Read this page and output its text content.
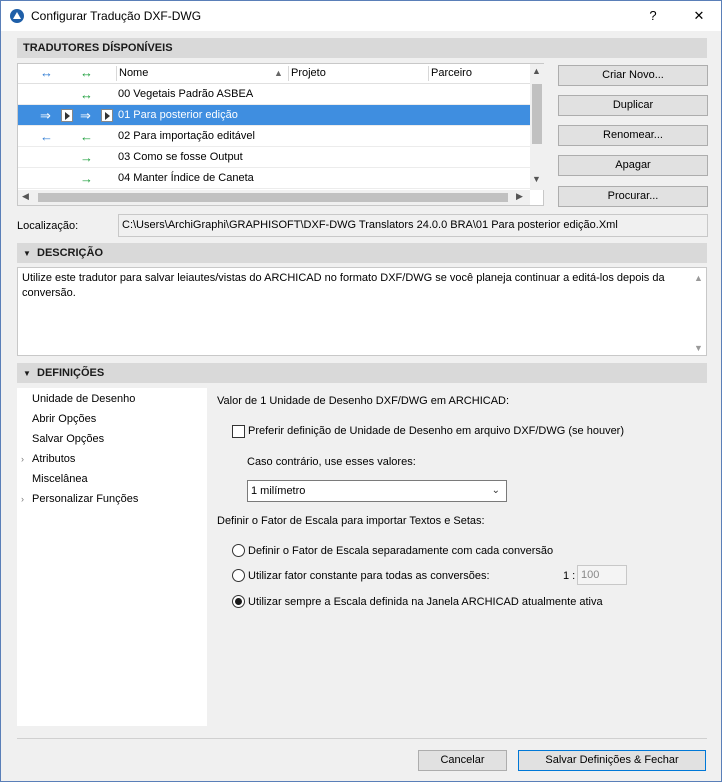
Configurar Tradução DXF-DWG	?	✕
TRADUTORES DÍSPONÍVEIS
↔ ↔ Nome	▲ Projeto	Parceiro
↔ 00 Vegetais Padrão ASBEA
⇒ ⇒ 01 Para posterior edição
← ← 02 Para importação editável
→ 03 Como se fosse Output
→ 04 Manter Índice de Caneta
▲
▼
◀	▶
Criar Novo...
Duplicar
Renomear...
Apagar
Procurar...
Localização:	C:\Users\ArchiGraphi\GRAPHISOFT\DXF-DWG Translators 24.0.0 BRA\01 Para posterior edição.Xml
▼ DESCRIÇÃO
Utilize este tradutor para salvar leiautes/vistas do ARCHICAD no formato DXF/DWG se você planeja continuar a editá-los depois da conversão.
▲
▼
▼ DEFINIÇÕES
Unidade de Desenho
Abrir Opções
Salvar Opções
› Atributos
Miscelânea
› Personalizar Funções
Valor de 1 Unidade de Desenho DXF/DWG em ARCHICAD:
Preferir definição de Unidade de Desenho em arquivo DXF/DWG (se houver)
Caso contrário, use esses valores:
1 milímetro	⌄
Definir o Fator de Escala para importar Textos e Setas:
Definir o Fator de Escala separadamente com cada conversão
Utilizar fator constante para todas as conversões:	1 : 100
Utilizar sempre a Escala definida na Janela ARCHICAD atualmente ativa
Cancelar	Salvar Definições & Fechar
